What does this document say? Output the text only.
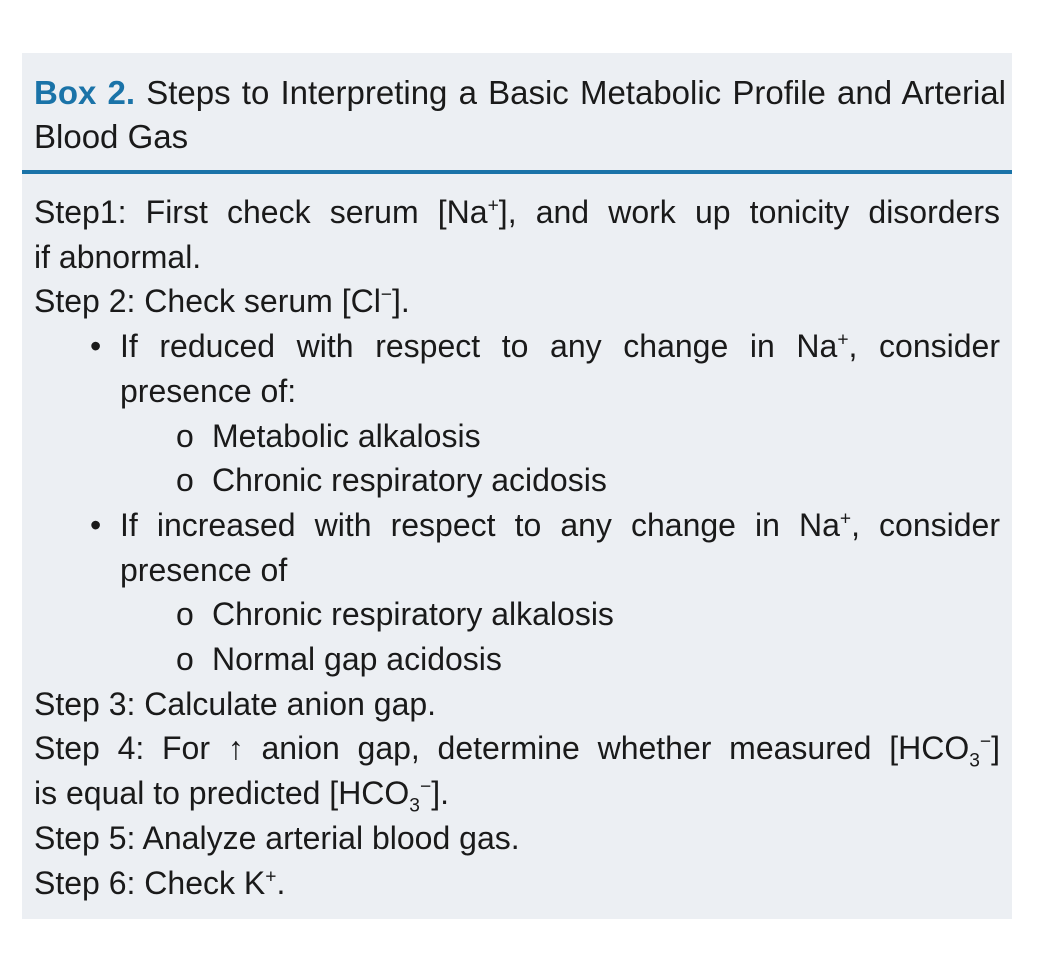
Box 2. Steps to Interpreting a Basic Metabolic Profile and Arterial Blood Gas
Step1: First check serum [Na+], and work up tonicity disorders
if abnormal.
Step 2: Check serum [Cl−].
• If reduced with respect to any change in Na+, consider
presence of:
o Metabolic alkalosis
o Chronic respiratory acidosis
• If increased with respect to any change in Na+, consider
presence of
o Chronic respiratory alkalosis
o Normal gap acidosis
Step 3: Calculate anion gap.
Step 4: For ↑ anion gap, determine whether measured $[HCO_3^-]$
is equal to predicted $[HCO_3^-]$.
Step 5: Analyze arterial blood gas.
Step 6: Check K+.
